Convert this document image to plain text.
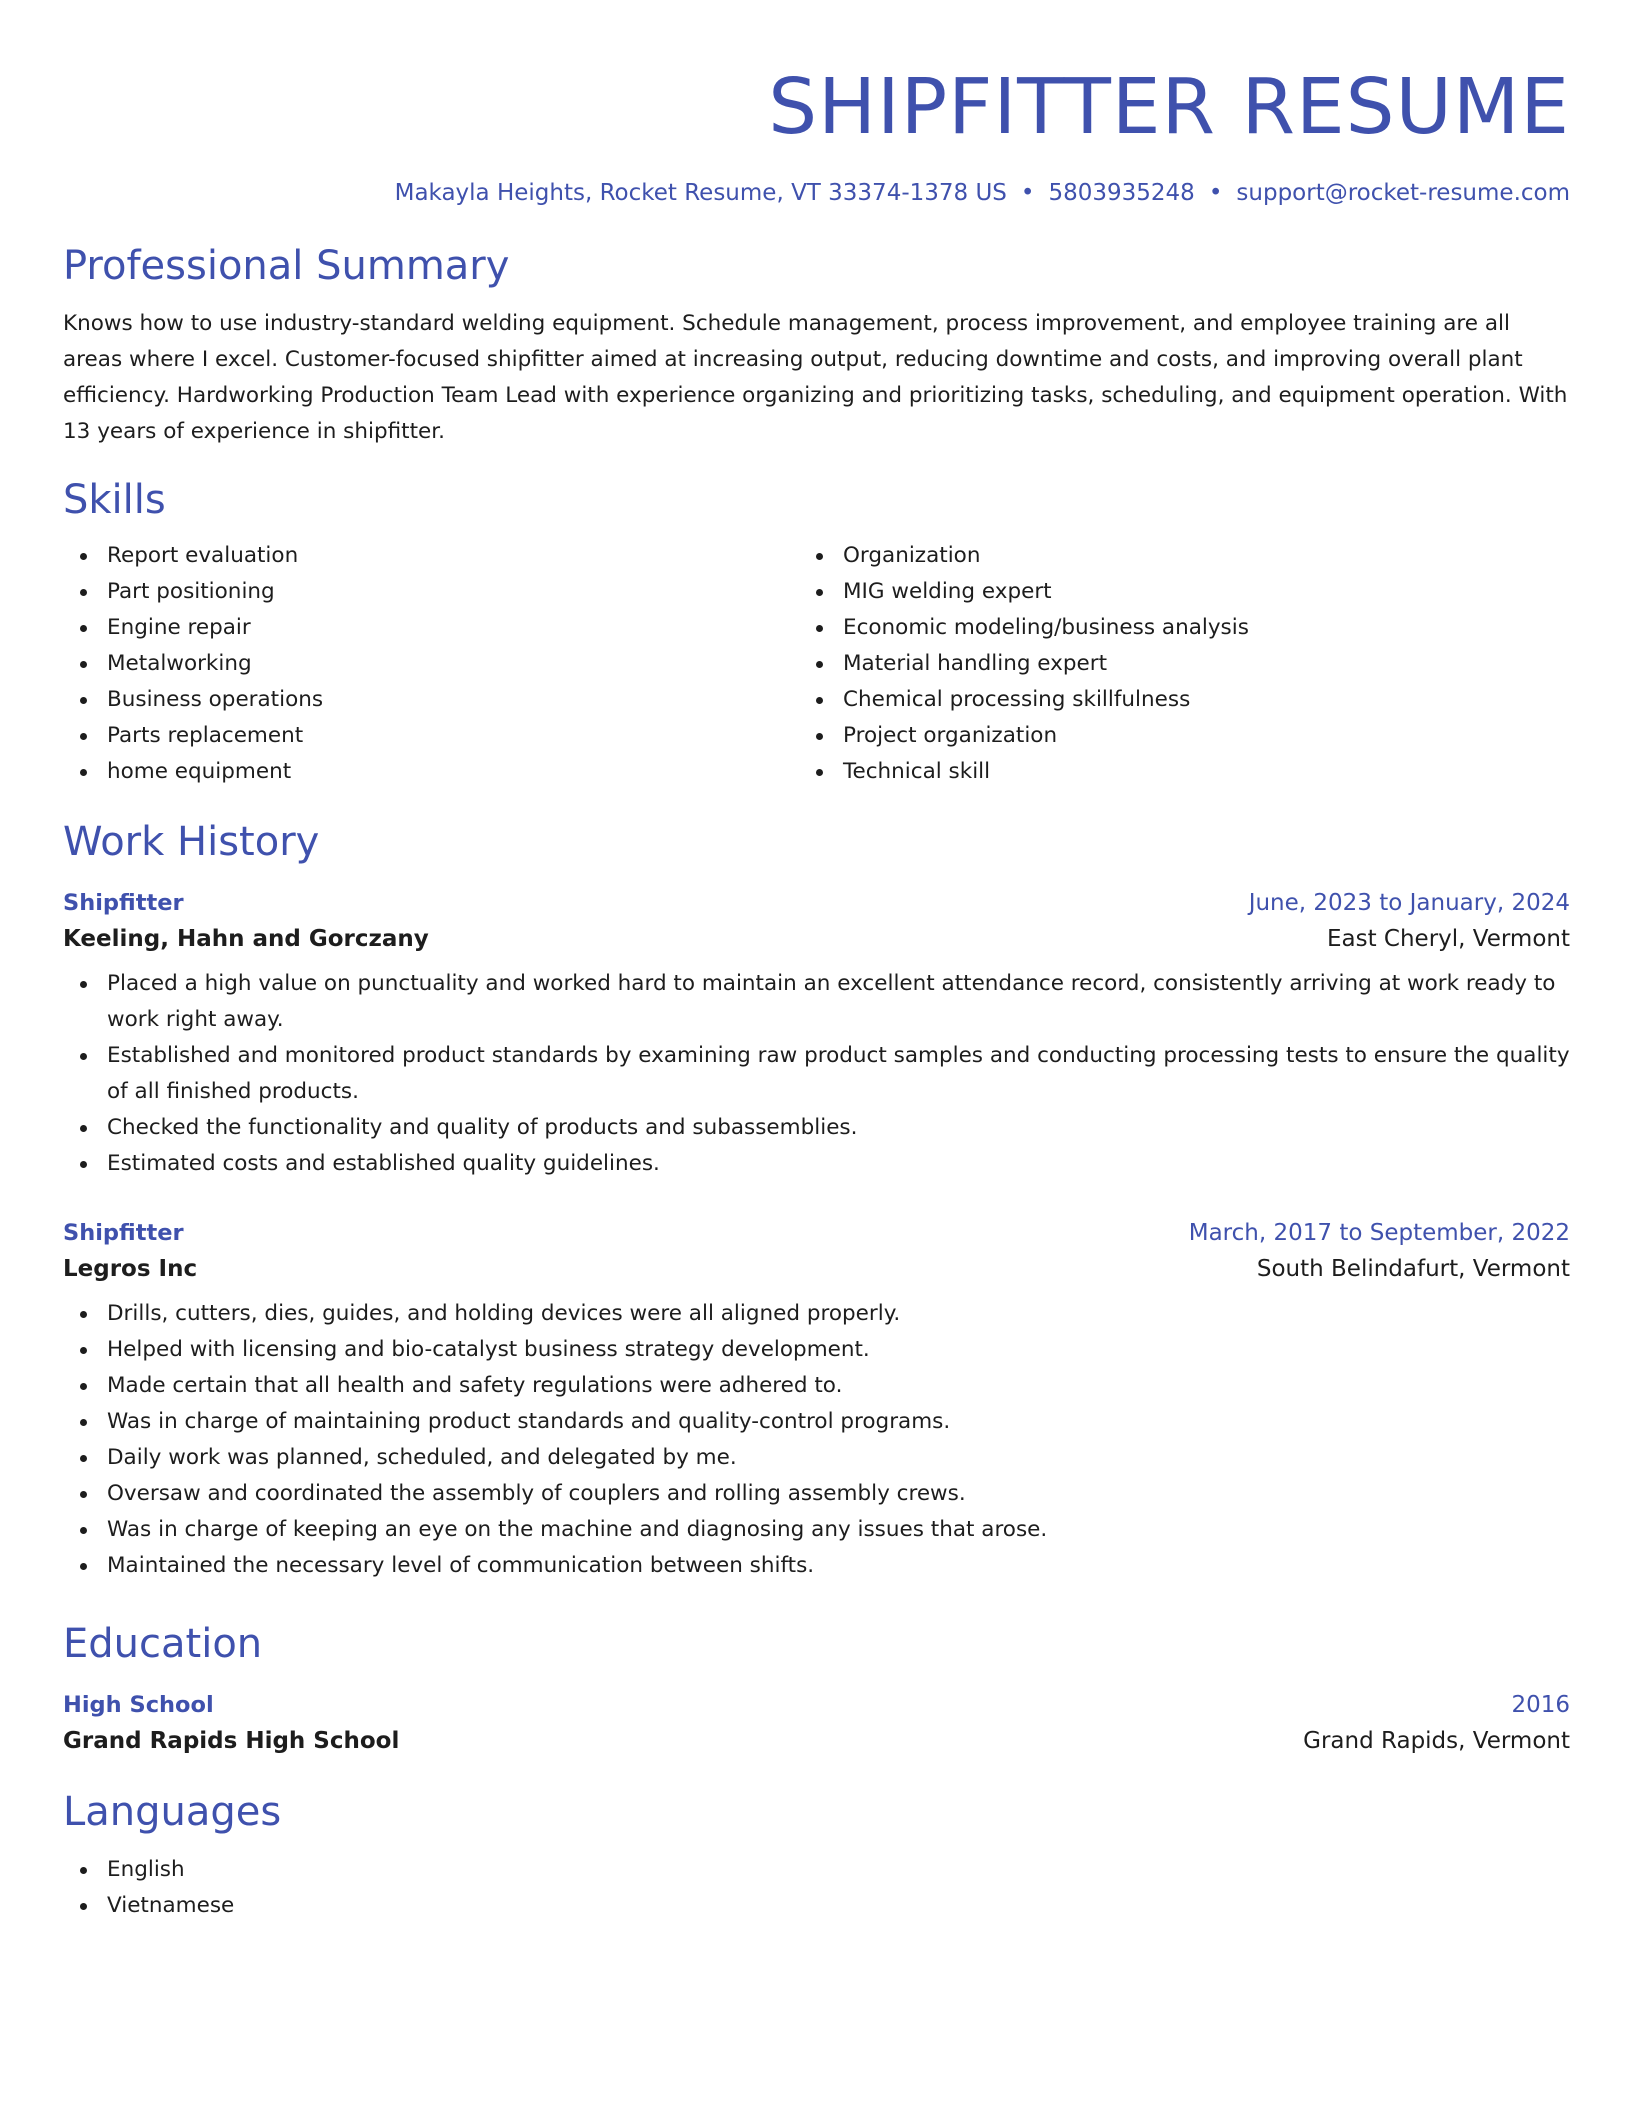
SHIPFITTER RESUME
Makayla Heights, Rocket Resume, VT 33374-1378 US • 5803935248 • support@rocket-resume.com
Professional Summary

Knows how to use industry-standard welding equipment. Schedule management, process improvement, and employee training are all areas where I excel. Customer-focused shipfitter aimed at increasing output, reducing downtime and costs, and improving overall plant efficiency. Hardworking Production Team Lead with experience organizing and prioritizing tasks, scheduling, and equipment operation. With 13 years of experience in shipfitter.

Skills
Report evaluation
Part positioning
Engine repair
Metalworking
Business operations
Parts replacement
home equipment
Organization
MIG welding expert
Economic modeling/business analysis
Material handling expert
Chemical processing skillfulness
Project organization
Technical skill
Work History
Shipfitter	June, 2023 to January, 2024
Keeling, Hahn and Gorczany	East Cheryl, Vermont
Placed a high value on punctuality and worked hard to maintain an excellent attendance record, consistently arriving at work ready to work right away.
Established and monitored product standards by examining raw product samples and conducting processing tests to ensure the quality of all finished products.
Checked the functionality and quality of products and subassemblies.
Estimated costs and established quality guidelines.
Shipfitter	March, 2017 to September, 2022
Legros Inc	South Belindafurt, Vermont
Drills, cutters, dies, guides, and holding devices were all aligned properly.
Helped with licensing and bio-catalyst business strategy development.
Made certain that all health and safety regulations were adhered to.
Was in charge of maintaining product standards and quality-control programs.
Daily work was planned, scheduled, and delegated by me.
Oversaw and coordinated the assembly of couplers and rolling assembly crews.
Was in charge of keeping an eye on the machine and diagnosing any issues that arose.
Maintained the necessary level of communication between shifts.
Education
High School	2016
Grand Rapids High School	Grand Rapids, Vermont
Languages
English
Vietnamese
